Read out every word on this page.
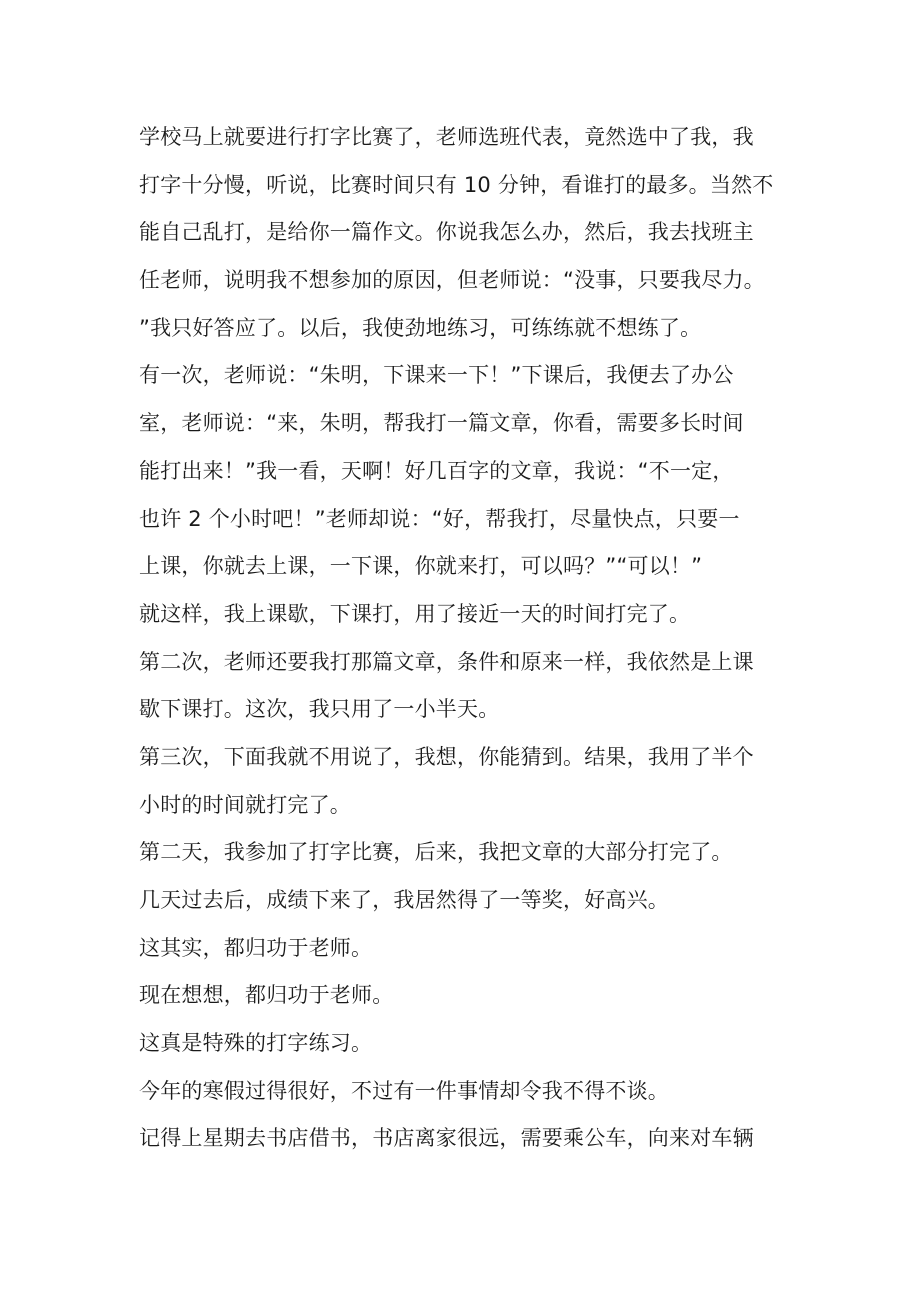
学校马上就要进行打字比赛了，老师选班代表，竟然选中了我，我
打字十分慢，听说，比赛时间只有 10 分钟，看谁打的最多。当然不
能自己乱打，是给你一篇作文。你说我怎么办，然后，我去找班主
任老师，说明我不想参加的原因，但老师说：“没事，只要我尽力。
”我只好答应了。以后，我使劲地练习，可练练就不想练了。
有一次，老师说：“朱明，下课来一下！”下课后，我便去了办公
室，老师说：“来，朱明，帮我打一篇文章，你看，需要多长时间
能打出来！”我一看，天啊！好几百字的文章，我说：“不一定，
也许 2 个小时吧！”老师却说：“好，帮我打，尽量快点，只要一
上课，你就去上课，一下课，你就来打，可以吗？”“可以！”
就这样，我上课歇，下课打，用了接近一天的时间打完了。
第二次，老师还要我打那篇文章，条件和原来一样，我依然是上课
歇下课打。这次，我只用了一小半天。
第三次，下面我就不用说了，我想，你能猜到。结果，我用了半个
小时的时间就打完了。
第二天，我参加了打字比赛，后来，我把文章的大部分打完了。
几天过去后，成绩下来了，我居然得了一等奖，好高兴。
这其实，都归功于老师。
现在想想，都归功于老师。
这真是特殊的打字练习。
今年的寒假过得很好，不过有一件事情却令我不得不谈。
记得上星期去书店借书，书店离家很远，需要乘公车，向来对车辆
